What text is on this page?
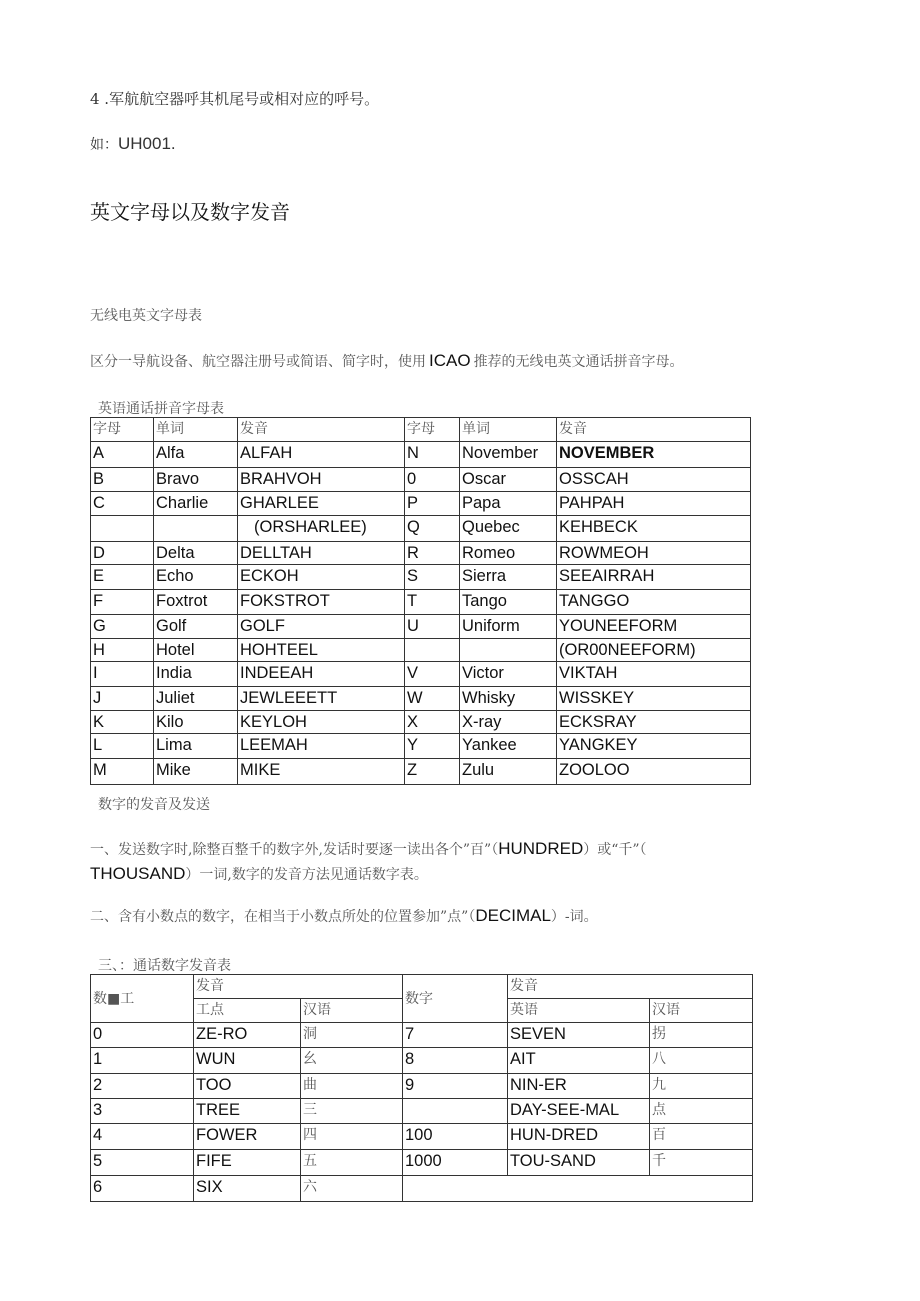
4 .军航航空器呼其机尾号或相对应的呼号。
如：UH001.
英文字母以及数字发音
无线电英文字母表
区分一导航设备、航空器注册号或简语、简字时，使用 ICAO 推荐的无线电英文通话拼音字母。
英语通话拼音字母表
字母	单词	发音	字母	单词	发音
A	Alfa	ALFAH	N	November	NOVEMBER
B	Bravo	BRAHVOH	0	Oscar	OSSCAH
C	Charlie	GHARLEE	P	Papa	PAHPAH
		(ORSHARLEE)	Q	Quebec	KEHBECK
D	Delta	DELLTAH	R	Romeo	ROWMEOH
E	Echo	ECKOH	S	Sierra	SEEAIRRAH
F	Foxtrot	FOKSTROT	T	Tango	TANGGO
G	Golf	GOLF	U	Uniform	YOUNEEFORM
H	Hotel	HOHTEEL			(OR00NEEFORM)
I	India	INDEEAH	V	Victor	VIKTAH
J	Juliet	JEWLEEETT	W	Whisky	WISSKEY
K	Kilo	KEYLOH	X	X-ray	ECKSRAY
L	Lima	LEEMAH	Y	Yankee	YANGKEY
M	Mike	MIKE	Z	Zulu	ZOOLOO
数字的发音及发送
一、发送数字时,除整百整千的数字外,发话时要逐一读出各个”百”（HUNDRED）或“千”（
THOUSAND）一词,数字的发音方法见通话数字表。
二、含有小数点的数字，在相当于小数点所处的位置参加”点”（DECIMAL）-词。
三、：通话数字发音表
数■工	发音		数字	发音	
	工点	汉语		英语	汉语
0	ZE-RO	洞	7	SEVEN	拐
1	WUN	幺	8	AIT	八
2	TOO	曲	9	NIN-ER	九
3	TREE	三		DAY-SEE-MAL	点
4	FOWER	四	100	HUN-DRED	百
5	FIFE	五	1000	TOU-SAND	千
6	SIX	六			
